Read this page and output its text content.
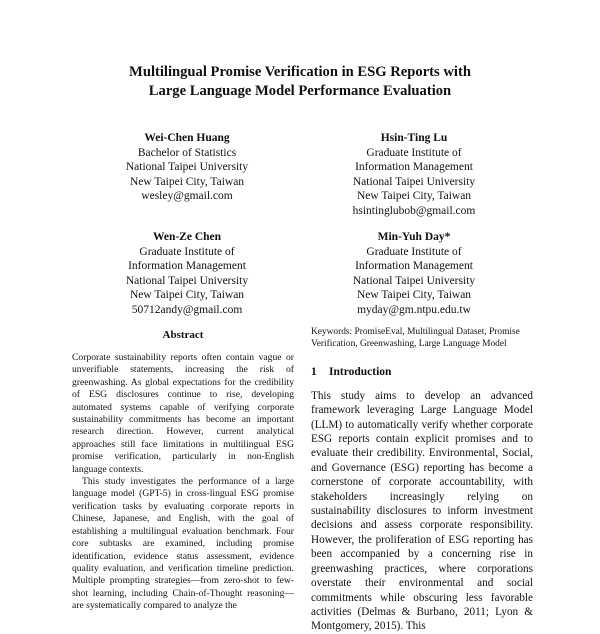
Multilingual Promise Verification in ESG Reports with
Large Language Model Performance Evaluation
Wei-Chen Huang
Bachelor of Statistics
National Taipei University
New Taipei City, Taiwan
wesley@gmail.com
Hsin-Ting Lu
Graduate Institute of
Information Management
National Taipei University
New Taipei City, Taiwan
hsintinglubob@gmail.com
Wen-Ze Chen
Graduate Institute of
Information Management
National Taipei University
New Taipei City, Taiwan
50712andy@gmail.com
Min-Yuh Day*
Graduate Institute of
Information Management
National Taipei University
New Taipei City, Taiwan
myday@gm.ntpu.edu.tw
Abstract

Corporate sustainability reports often contain vague or unverifiable statements, increasing the risk of greenwashing. As global expectations for the credibility of ESG disclosures continue to rise, developing automated systems capable of verifying corporate sustainability commitments has become an important research direction. However, current analytical approaches still face limitations in multilingual ESG promise verification, particularly in non-English language contexts.

This study investigates the performance of a large language model (GPT-5) in cross-lingual ESG promise verification tasks by evaluating corporate reports in Chinese, Japanese, and English, with the goal of establishing a multilingual evaluation benchmark. Four core subtasks are examined, including promise identification, evidence status assessment, evidence quality evaluation, and verification timeline prediction. Multiple prompting strategies—from zero-shot to few-shot learning, including Chain-of-Thought reasoning—are systematically compared to analyze the

Keywords: PromiseEval, Multilingual Dataset, Promise Verification, Greenwashing, Large Language Model

1 Introduction

This study aims to develop an advanced framework leveraging Large Language Model (LLM) to automatically verify whether corporate ESG reports contain explicit promises and to evaluate their credibility. Environmental, Social, and Governance (ESG) reporting has become a cornerstone of corporate accountability, with stakeholders increasingly relying on sustainability disclosures to inform investment decisions and assess corporate responsibility. However, the proliferation of ESG reporting has been accompanied by a concerning rise in greenwashing practices, where corporations overstate their environmental and social commitments while obscuring less favorable activities (Delmas & Burbano, 2011; Lyon & Montgomery, 2015). This
